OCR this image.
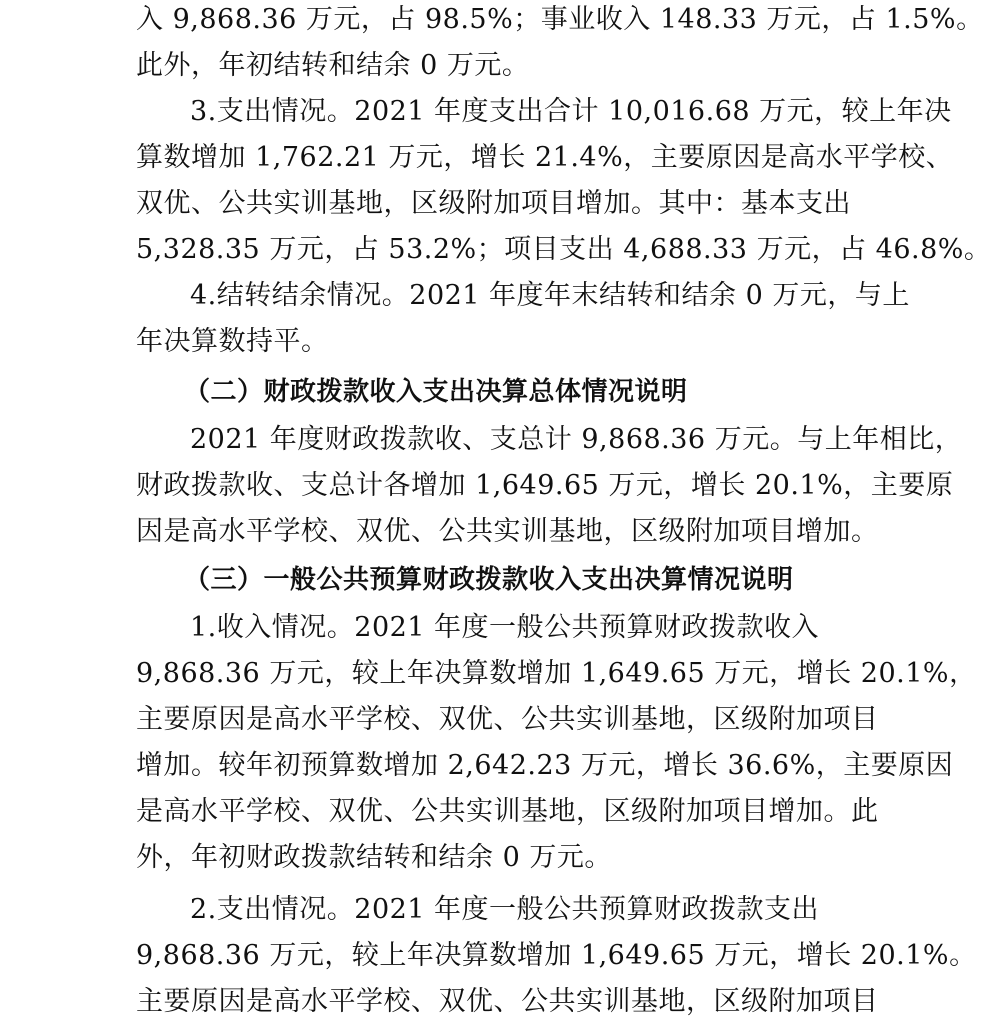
入 9,868.36 万元，占 98.5%；事业收入 148.33 万元，占 1.5%。
此外，年初结转和结余 0 万元。
3.支出情况。2021 年度支出合计 10,016.68 万元，较上年决
算数增加 1,762.21 万元，增长 21.4%，主要原因是高水平学校、
双优、公共实训基地，区级附加项目增加。其中：基本支出
5,328.35 万元，占 53.2%；项目支出 4,688.33 万元，占 46.8%。
4.结转结余情况。2021 年度年末结转和结余 0 万元，与上
年决算数持平。
（二）财政拨款收入支出决算总体情况说明
2021 年度财政拨款收、支总计 9,868.36 万元。与上年相比，
财政拨款收、支总计各增加 1,649.65 万元，增长 20.1%，主要原
因是高水平学校、双优、公共实训基地，区级附加项目增加。
（三）一般公共预算财政拨款收入支出决算情况说明
1.收入情况。2021 年度一般公共预算财政拨款收入
9,868.36 万元，较上年决算数增加 1,649.65 万元，增长 20.1%，
主要原因是高水平学校、双优、公共实训基地，区级附加项目
增加。较年初预算数增加 2,642.23 万元，增长 36.6%，主要原因
是高水平学校、双优、公共实训基地，区级附加项目增加。此
外，年初财政拨款结转和结余 0 万元。
2.支出情况。2021 年度一般公共预算财政拨款支出
9,868.36 万元，较上年决算数增加 1,649.65 万元，增长 20.1%。
主要原因是高水平学校、双优、公共实训基地，区级附加项目
